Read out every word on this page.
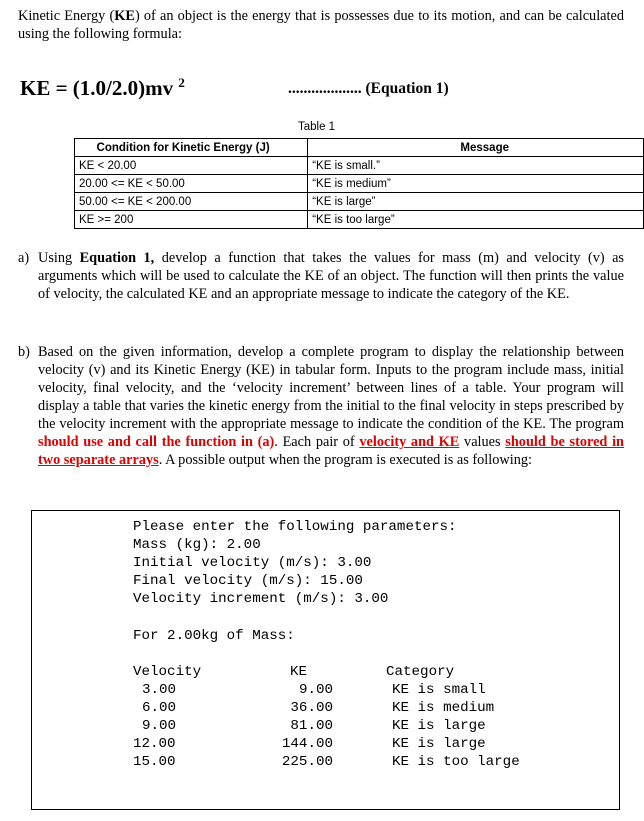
Kinetic Energy (KE) of an object is the energy that is possesses due to its motion, and can be calculated using the following formula:
KE = (1.0/2.0)mv $^2$	................... (Equation 1)
Table 1
Condition for Kinetic Energy (J)	Message
KE < 20.00	“KE is small.”
20.00 <= KE < 50.00	“KE is medium”
50.00 <= KE < 200.00	“KE is large”
KE >= 200	“KE is too large”
a) Using Equation 1, develop a function that takes the values for mass (m) and velocity (v) as arguments which will be used to calculate the KE of an object. The function will then prints the value of velocity, the calculated KE and an appropriate message to indicate the category of the KE.
b) Based on the given information, develop a complete program to display the relationship between velocity (v) and its Kinetic Energy (KE) in tabular form. Inputs to the program include mass, initial velocity, final velocity, and the ‘velocity increment’ between lines of a table. Your program will display a table that varies the kinetic energy from the initial to the final velocity in steps prescribed by the velocity increment with the appropriate message to indicate the condition of the KE. The program should use and call the function in (a). Each pair of velocity and KE values should be stored in two separate arrays. A possible output when the program is executed is as following:
Please enter the following parameters:
Mass (kg): 2.00
Initial velocity (m/s): 3.00
Final velocity (m/s): 15.00
Velocity increment (m/s): 3.00
For 2.00kg of Mass:
Velocity	KE	Category
3.00	9.00	KE is small
6.00	36.00	KE is medium
9.00	81.00	KE is large
12.00	144.00	KE is large
15.00	225.00	KE is too large
